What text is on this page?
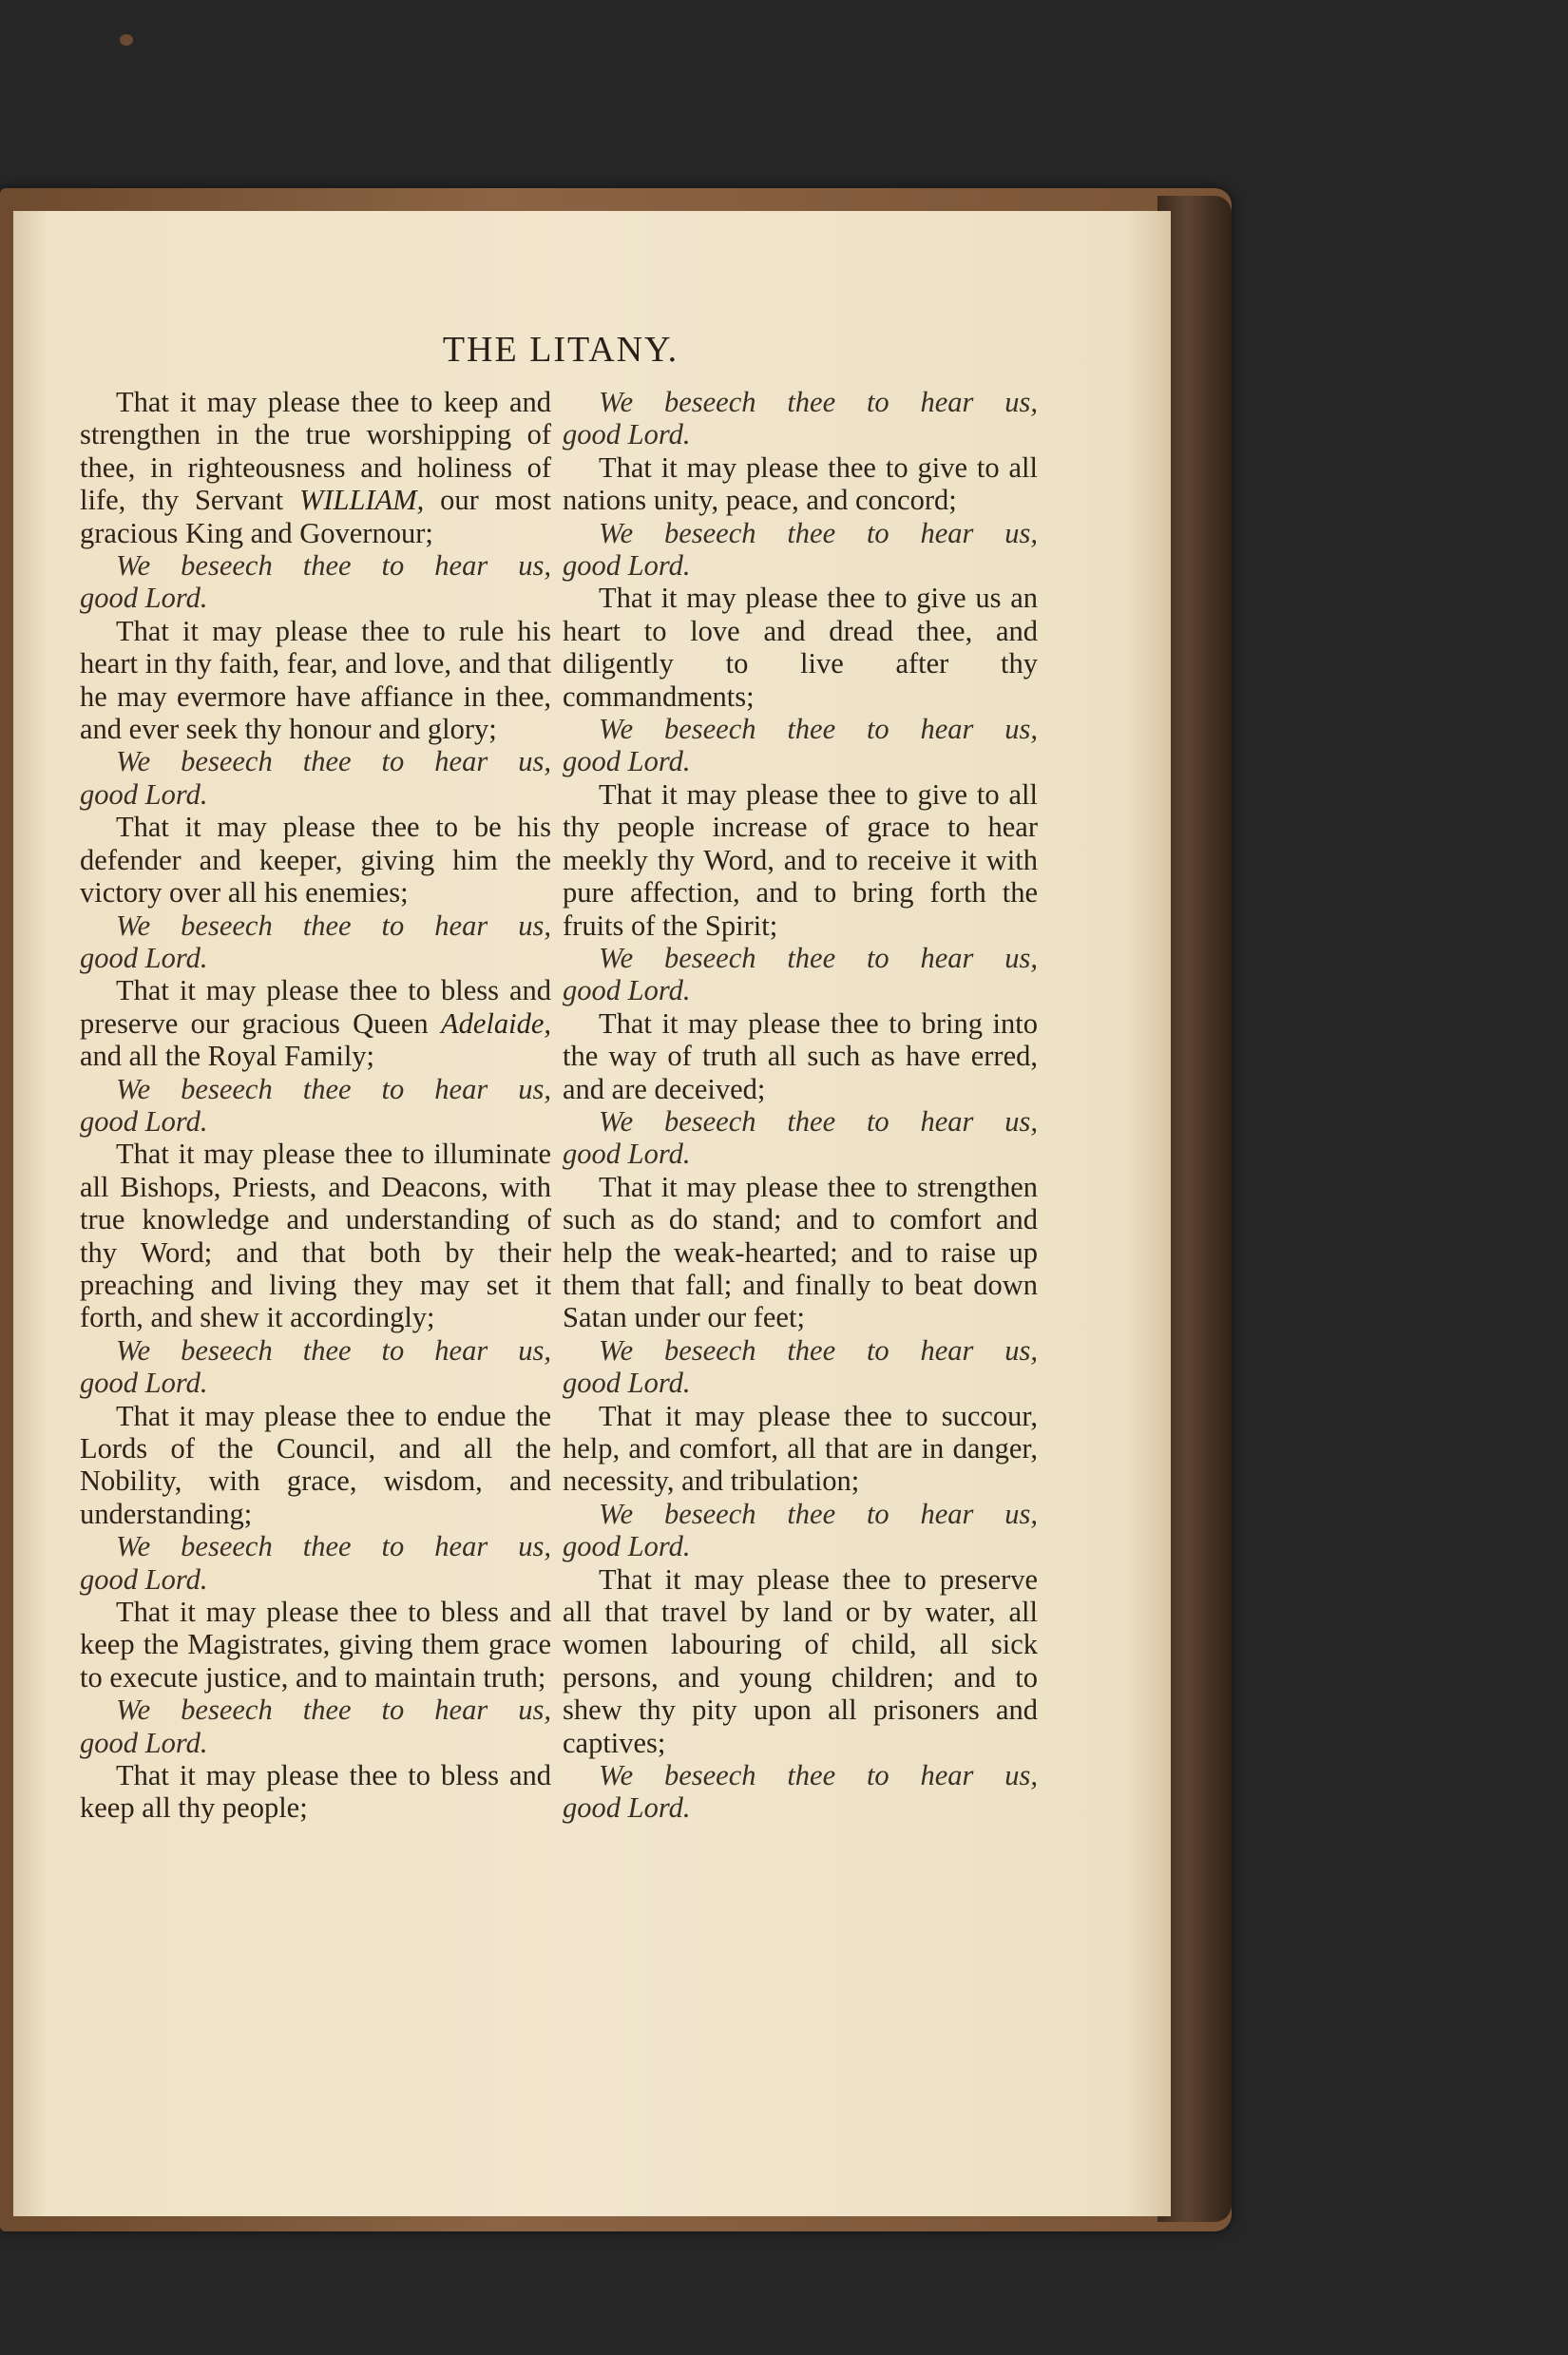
THE LITANY.

That it may please thee to keep and strengthen in the true worshipping of thee, in righteousness and holiness of life, thy Servant WILLIAM, our most gracious King and Governour;

We beseech thee to hear us,
good Lord.

That it may please thee to rule his heart in thy faith, fear, and love, and that he may evermore have affiance in thee, and ever seek thy honour and glory;

We beseech thee to hear us,
good Lord.

That it may please thee to be his defender and keeper, giving him the victory over all his enemies;

We beseech thee to hear us,
good Lord.

That it may please thee to bless and preserve our gracious Queen Adelaide, and all the Royal Family;

We beseech thee to hear us,
good Lord.

That it may please thee to illuminate all Bishops, Priests, and Deacons, with true knowledge and understanding of thy Word; and that both by their preaching and living they may set it forth, and shew it accordingly;

We beseech thee to hear us,
good Lord.

That it may please thee to endue the Lords of the Council, and all the Nobility, with grace, wisdom, and understanding;

We beseech thee to hear us,
good Lord.

That it may please thee to bless and keep the Magistrates, giving them grace to execute justice, and to maintain truth;

We beseech thee to hear us,
good Lord.

That it may please thee to bless and keep all thy people;

We beseech thee to hear us,
good Lord.

That it may please thee to give to all nations unity, peace, and concord;

We beseech thee to hear us,
good Lord.

That it may please thee to give us an heart to love and dread thee, and diligently to live after thy commandments;

We beseech thee to hear us,
good Lord.

That it may please thee to give to all thy people increase of grace to hear meekly thy Word, and to receive it with pure affection, and to bring forth the fruits of the Spirit;

We beseech thee to hear us,
good Lord.

That it may please thee to bring into the way of truth all such as have erred, and are deceived;

We beseech thee to hear us,
good Lord.

That it may please thee to strengthen such as do stand; and to comfort and help the weak-hearted; and to raise up them that fall; and finally to beat down Satan under our feet;

We beseech thee to hear us,
good Lord.

That it may please thee to succour, help, and comfort, all that are in danger, necessity, and tribulation;

We beseech thee to hear us,
good Lord.

That it may please thee to preserve all that travel by land or by water, all women labouring of child, all sick persons, and young children; and to shew thy pity upon all prisoners and captives;

We beseech thee to hear us,
good Lord.
